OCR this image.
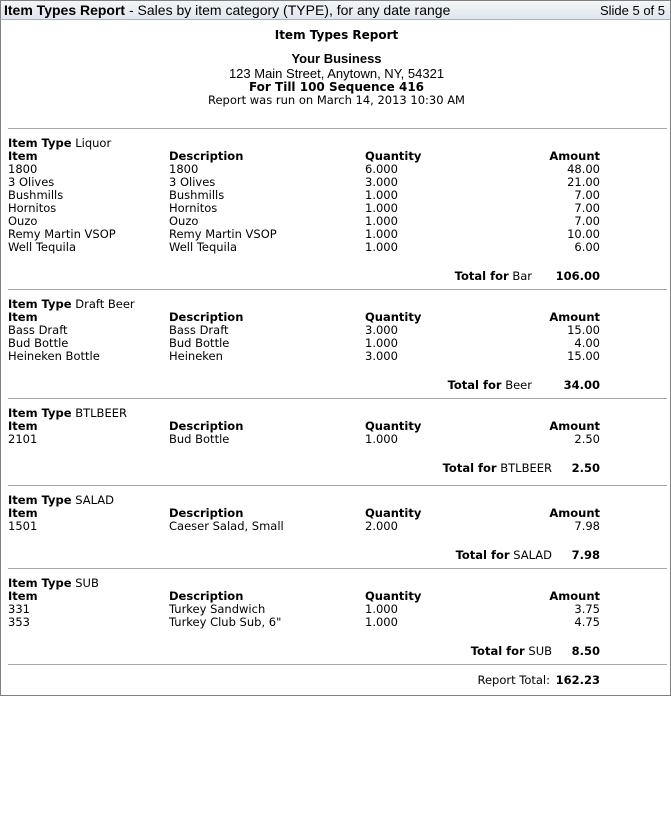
Item Types Report - Sales by item category (TYPE), for any date range	Slide 5 of 5
Item Types Report
Your Business
123 Main Street, Anytown, NY, 54321
For Till 100 Sequence 416
Report was run on March 14, 2013 10:30 AM
Item Type Liquor
Item	Description	Quantity	Amount
1800	1800	6.000	48.00
3 Olives	3 Olives	3.000	21.00
Bushmills	Bushmills	1.000	7.00
Hornitos	Hornitos	1.000	7.00
Ouzo	Ouzo	1.000	7.00
Remy Martin VSOP	Remy Martin VSOP	1.000	10.00
Well Tequila	Well Tequila	1.000	6.00
Total for Bar 106.00
Item Type Draft Beer
Item	Description	Quantity	Amount
Bass Draft	Bass Draft	3.000	15.00
Bud Bottle	Bud Bottle	1.000	4.00
Heineken Bottle	Heineken	3.000	15.00
Total for Beer	34.00
Item Type BTLBEER
Item	Description	Quantity	Amount
2101	Bud Bottle	1.000	2.50
Total for BTLBEER 2.50
Item Type SALAD
Item	Description	Quantity	Amount
1501	Caeser Salad, Small	2.000	7.98
Total for SALAD 7.98
Item Type SUB
Item	Description	Quantity	Amount
331	Turkey Sandwich	1.000	3.75
353	Turkey Club Sub, 6"	1.000	4.75
Total for SUB 8.50
Report Total: 162.23
